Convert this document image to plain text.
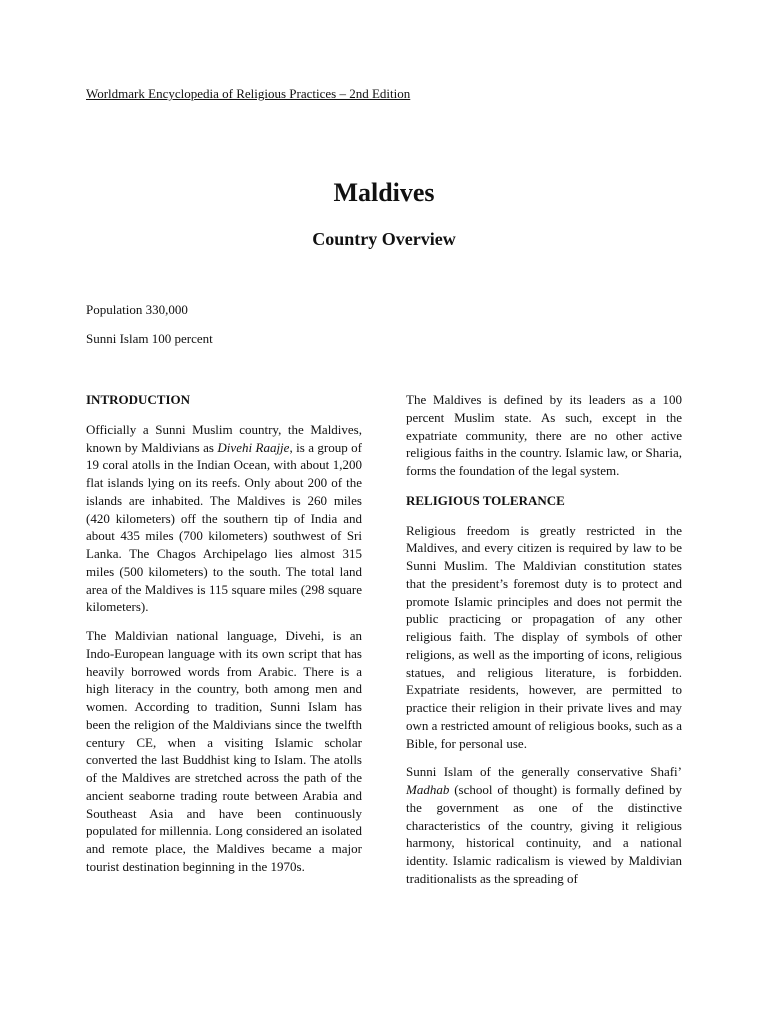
Worldmark Encyclopedia of Religious Practices – 2nd Edition
Maldives
Country Overview
Population 330,000
Sunni Islam 100 percent
INTRODUCTION

Officially a Sunni Muslim country, the Maldives, known by Maldivians as Divehi Raajje, is a group of 19 coral atolls in the Indian Ocean, with about 1,200 flat islands lying on its reefs. Only about 200 of the islands are inhabited. The Maldives is 260 miles (420 kilometers) off the southern tip of India and about 435 miles (700 kilometers) southwest of Sri Lanka. The Chagos Archipelago lies almost 315 miles (500 kilometers) to the south. The total land area of the Maldives is 115 square miles (298 square kilometers).

The Maldivian national language, Divehi, is an Indo-European language with its own script that has heavily borrowed words from Arabic. There is a high literacy in the country, both among men and women. According to tradition, Sunni Islam has been the religion of the Maldivians since the twelfth century CE, when a visiting Islamic scholar converted the last Buddhist king to Islam. The atolls of the Maldives are stretched across the path of the ancient seaborne trading route between Arabia and Southeast Asia and have been continuously populated for millennia. Long considered an isolated and remote place, the Maldives became a major tourist destination beginning in the 1970s.

The Maldives is defined by its leaders as a 100 percent Muslim state. As such, except in the expatriate community, there are no other active religious faiths in the country. Islamic law, or Sharia, forms the foundation of the legal system.

RELIGIOUS TOLERANCE

Religious freedom is greatly restricted in the Maldives, and every citizen is required by law to be Sunni Muslim. The Maldivian constitution states that the president’s foremost duty is to protect and promote Islamic principles and does not permit the public practicing or propagation of any other religious faith. The display of symbols of other religions, as well as the importing of icons, religious statues, and religious literature, is forbidden. Expatriate residents, however, are permitted to practice their religion in their private lives and may own a restricted amount of religious books, such as a Bible, for personal use.

Sunni Islam of the generally conservative Shafi’ Madhab (school of thought) is formally defined by the government as one of the distinctive characteristics of the country, giving it religious harmony, historical continuity, and a national identity. Islamic radicalism is viewed by Maldivian traditionalists as the spreading of
